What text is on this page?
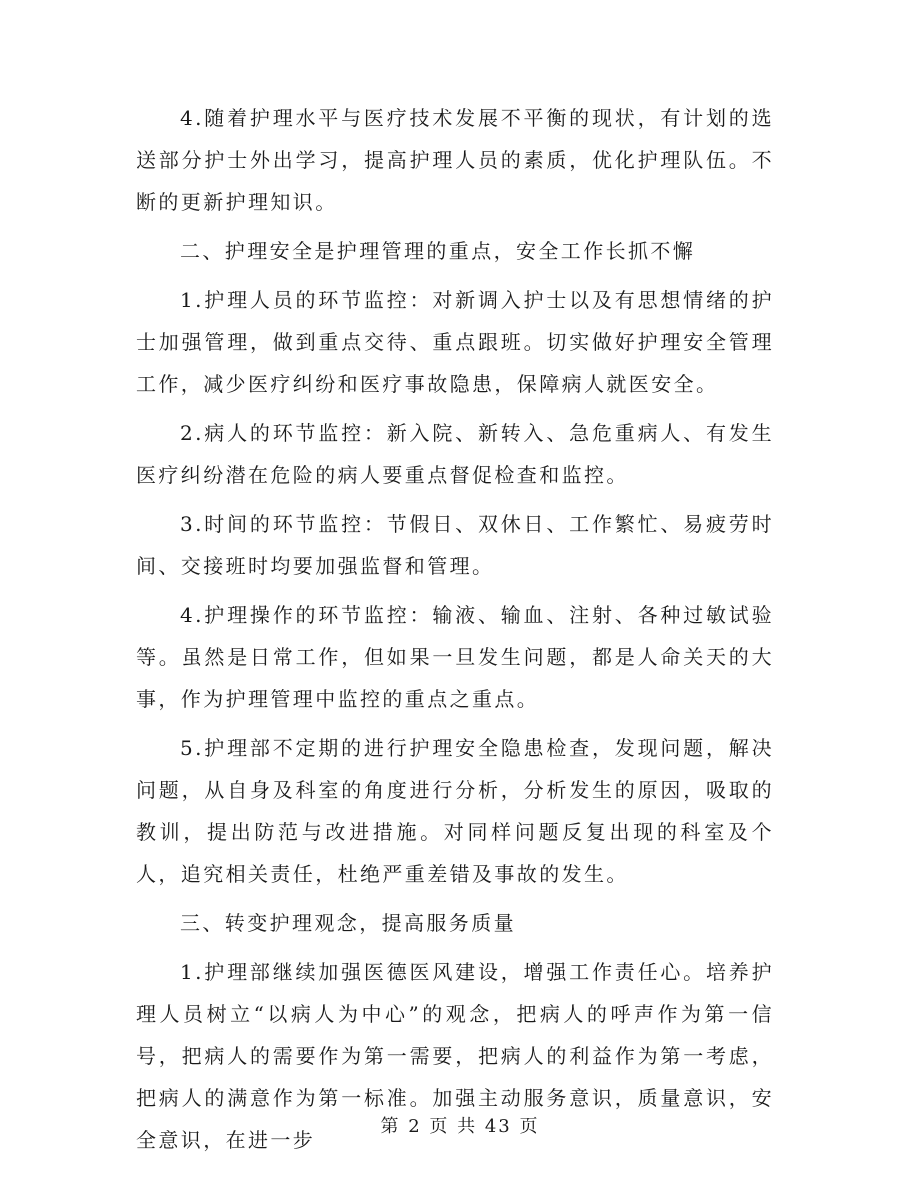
4.随着护理水平与医疗技术发展不平衡的现状，有计划的选送部分护士外出学习，提高护理人员的素质，优化护理队伍。不断的更新护理知识。

二、护理安全是护理管理的重点，安全工作长抓不懈

1.护理人员的环节监控：对新调入护士以及有思想情绪的护士加强管理，做到重点交待、重点跟班。切实做好护理安全管理工作，减少医疗纠纷和医疗事故隐患，保障病人就医安全。

2.病人的环节监控：新入院、新转入、急危重病人、有发生医疗纠纷潜在危险的病人要重点督促检查和监控。

3.时间的环节监控：节假日、双休日、工作繁忙、易疲劳时间、交接班时均要加强监督和管理。

4.护理操作的环节监控：输液、输血、注射、各种过敏试验等。虽然是日常工作，但如果一旦发生问题，都是人命关天的大事，作为护理管理中监控的重点之重点。

5.护理部不定期的进行护理安全隐患检查，发现问题，解决问题，从自身及科室的角度进行分析，分析发生的原因，吸取的教训，提出防范与改进措施。对同样问题反复出现的科室及个人，追究相关责任，杜绝严重差错及事故的发生。

三、转变护理观念，提高服务质量

1.护理部继续加强医德医风建设，增强工作责任心。培养护理人员树立“以病人为中心”的观念，把病人的呼声作为第一信号，把病人的需要作为第一需要，把病人的利益作为第一考虑，把病人的满意作为第一标准。加强主动服务意识，质量意识，安全意识，在进一步

第 2 页 共 43 页
